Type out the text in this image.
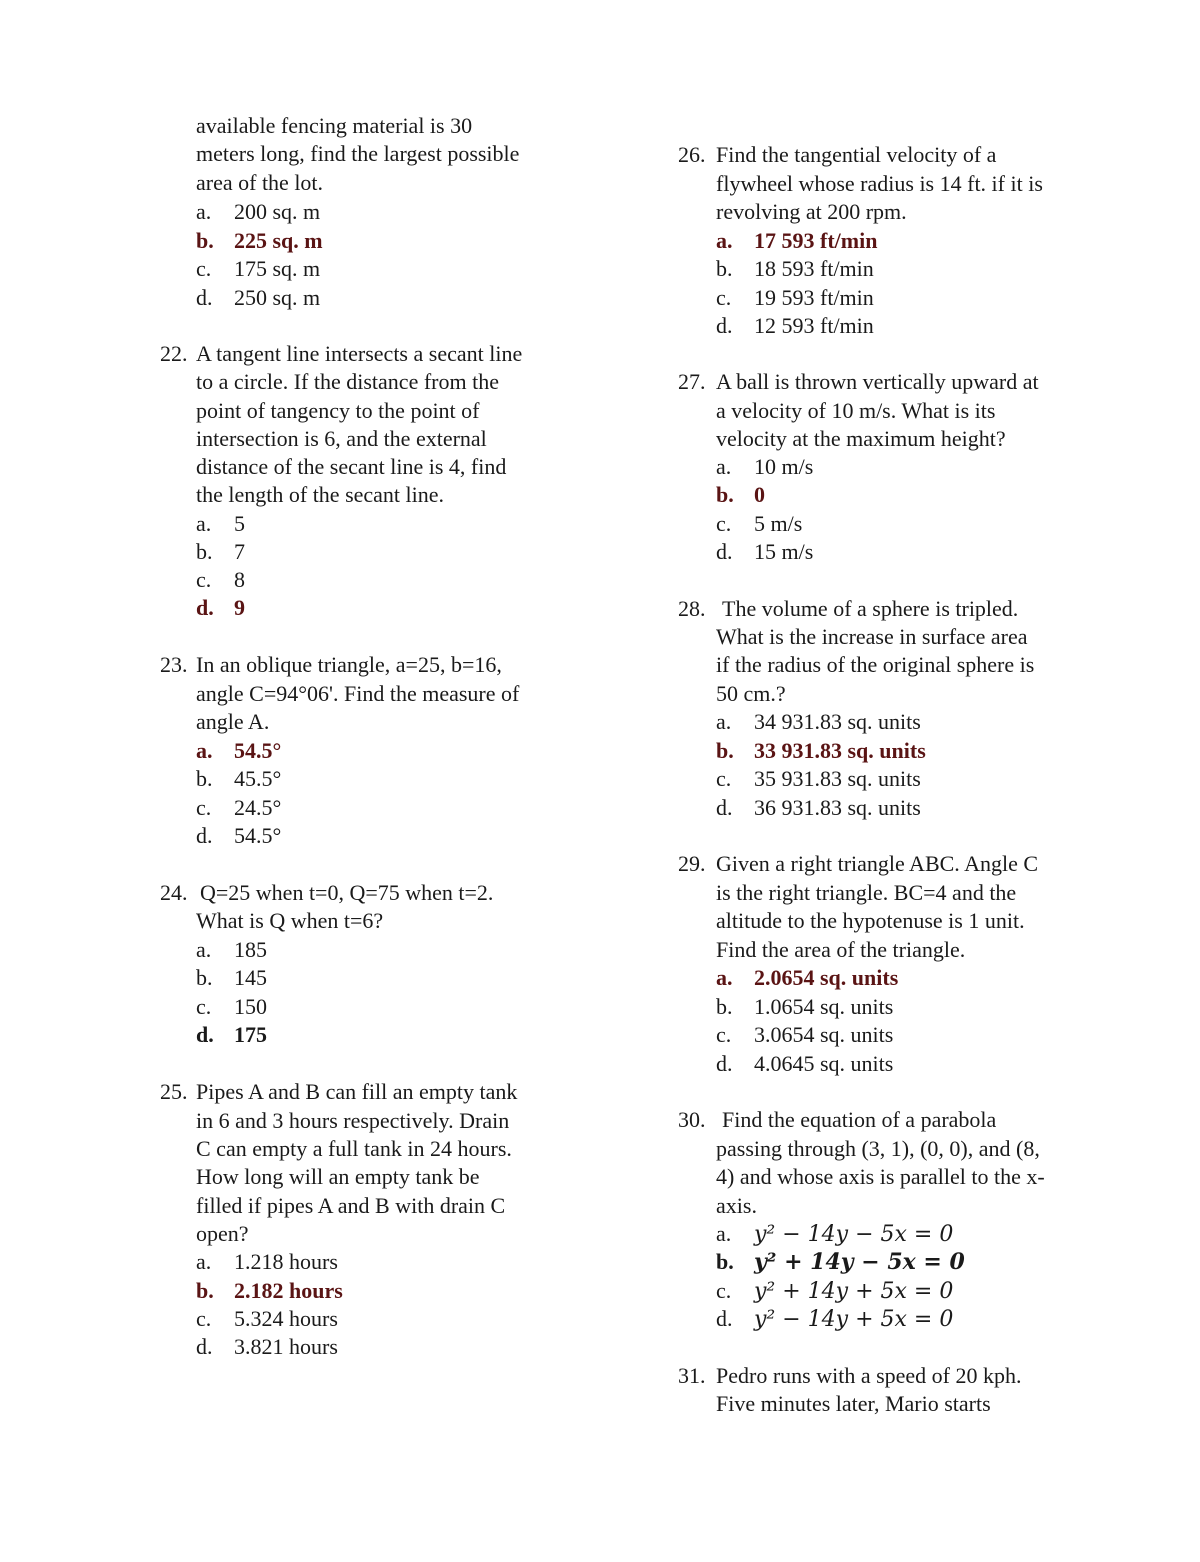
available fencing material is 30
meters long, find the largest possible
area of the lot.
a. 200 sq. m
b. 225 sq. m
c. 175 sq. m
d. 250 sq. m
22. A tangent line intersects a secant line
to a circle. If the distance from the
point of tangency to the point of
intersection is 6, and the external
distance of the secant line is 4, find
the length of the secant line.
a. 5
b. 7
c. 8
d. 9
23. In an oblique triangle, a=25, b=16,
angle C=94°06'. Find the measure of
angle A.
a. 54.5°
b. 45.5°
c. 24.5°
d. 54.5°
24. Q=25 when t=0, Q=75 when t=2.
What is Q when t=6?
a. 185
b. 145
c. 150
d. 175
25. Pipes A and B can fill an empty tank
in 6 and 3 hours respectively. Drain
C can empty a full tank in 24 hours.
How long will an empty tank be
filled if pipes A and B with drain C
open?
a. 1.218 hours
b. 2.182 hours
c. 5.324 hours
d. 3.821 hours
26. Find the tangential velocity of a
flywheel whose radius is 14 ft. if it is
revolving at 200 rpm.
a. 17 593 ft/min
b. 18 593 ft/min
c. 19 593 ft/min
d. 12 593 ft/min
27. A ball is thrown vertically upward at
a velocity of 10 m/s. What is its
velocity at the maximum height?
a. 10 m/s
b. 0
c. 5 m/s
d. 15 m/s
28. The volume of a sphere is tripled.
What is the increase in surface area
if the radius of the original sphere is
50 cm.?
a. 34 931.83 sq. units
b. 33 931.83 sq. units
c. 35 931.83 sq. units
d. 36 931.83 sq. units
29. Given a right triangle ABC. Angle C
is the right triangle. BC=4 and the
altitude to the hypotenuse is 1 unit.
Find the area of the triangle.
a. 2.0654 sq. units
b. 1.0654 sq. units
c. 3.0654 sq. units
d. 4.0645 sq. units
30. Find the equation of a parabola
passing through (3, 1), (0, 0), and (8,
4) and whose axis is parallel to the x-
axis.
a. y² − 14y − 5x = 0
b. y² + 14y − 5x = 0
c. y² + 14y + 5x = 0
d. y² − 14y + 5x = 0
31. Pedro runs with a speed of 20 kph.
Five minutes later, Mario starts
